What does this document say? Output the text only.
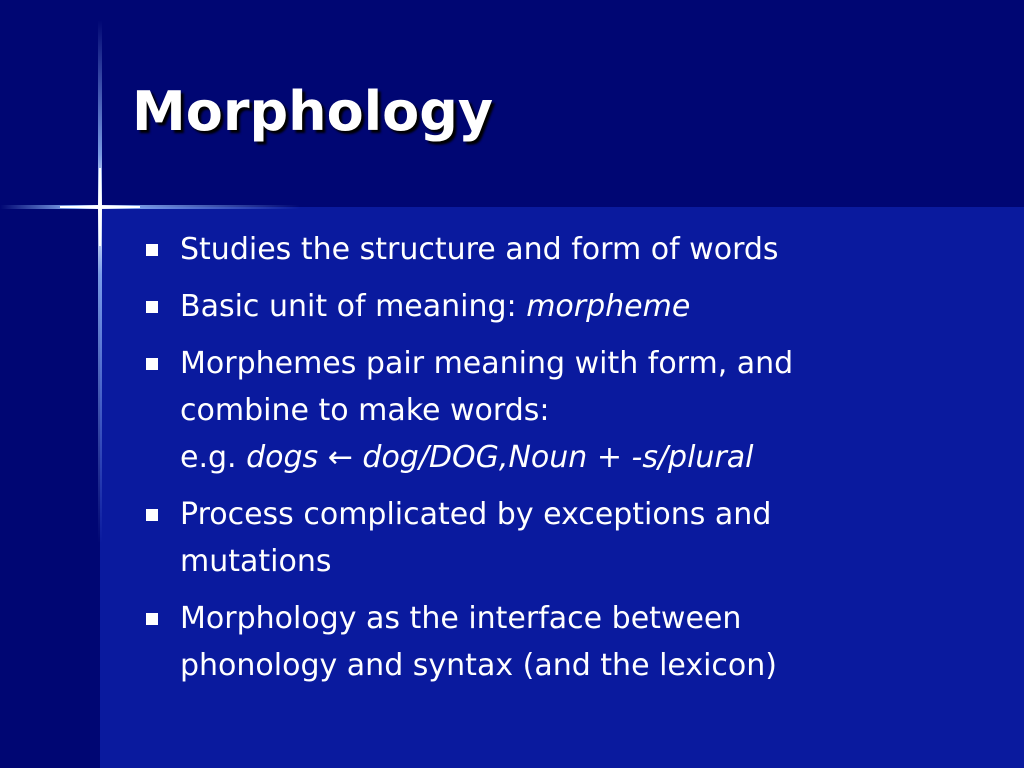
Morphology
Studies the structure and form of words
Basic unit of meaning: morpheme
Morphemes pair meaning with form, and
combine to make words:
e.g. dogs ← dog/DOG,Noun + -s/plural
Process complicated by exceptions and
mutations
Morphology as the interface between
phonology and syntax (and the lexicon)
